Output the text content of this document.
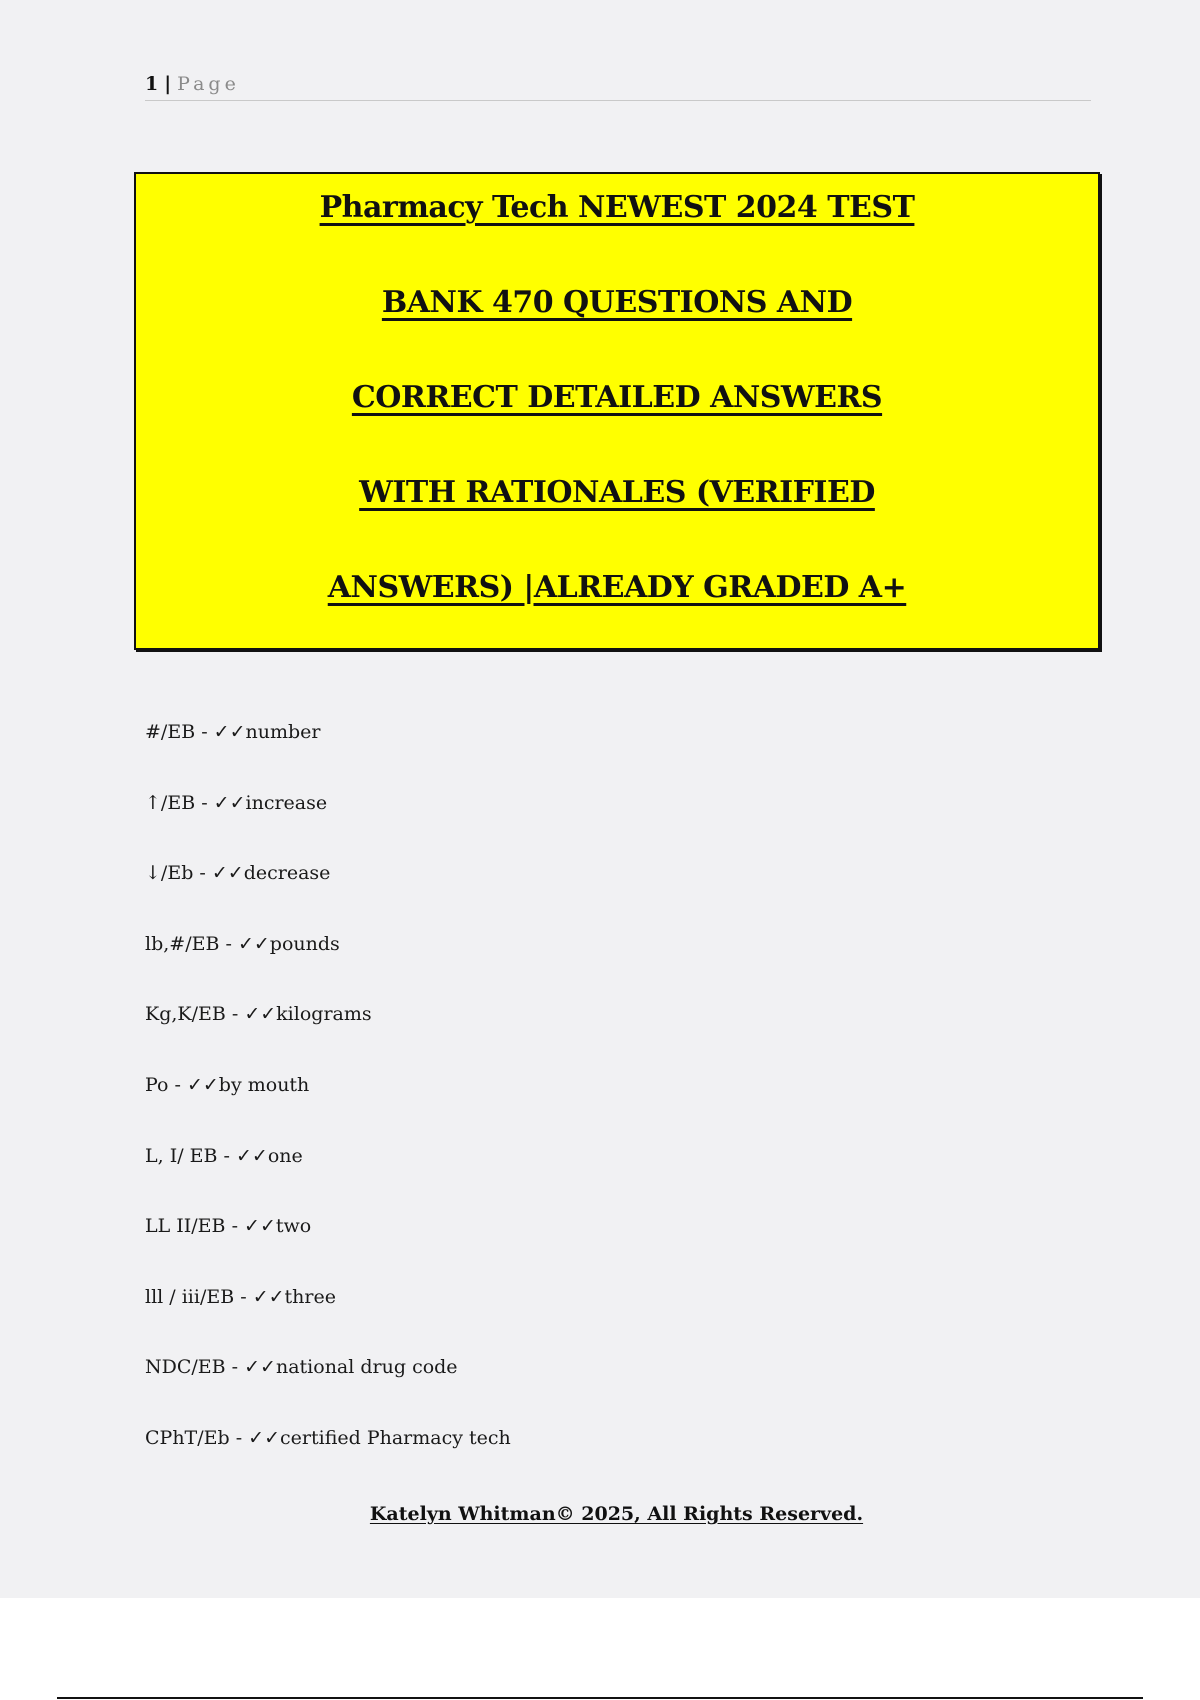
1 | Page
Pharmacy Tech NEWEST 2024 TEST
BANK 470 QUESTIONS AND
CORRECT DETAILED ANSWERS
WITH RATIONALES (VERIFIED
ANSWERS) |ALREADY GRADED A+
#/EB - ✓✓number
↑/EB - ✓✓increase
↓/Eb - ✓✓decrease
lb,#/EB - ✓✓pounds
Kg,K/EB - ✓✓kilograms
Po - ✓✓by mouth
L, I/ EB - ✓✓one
LL II/EB - ✓✓two
lll / iii/EB - ✓✓three
NDC/EB - ✓✓national drug code
CPhT/Eb - ✓✓certified Pharmacy tech
Katelyn Whitman© 2025, All Rights Reserved.
